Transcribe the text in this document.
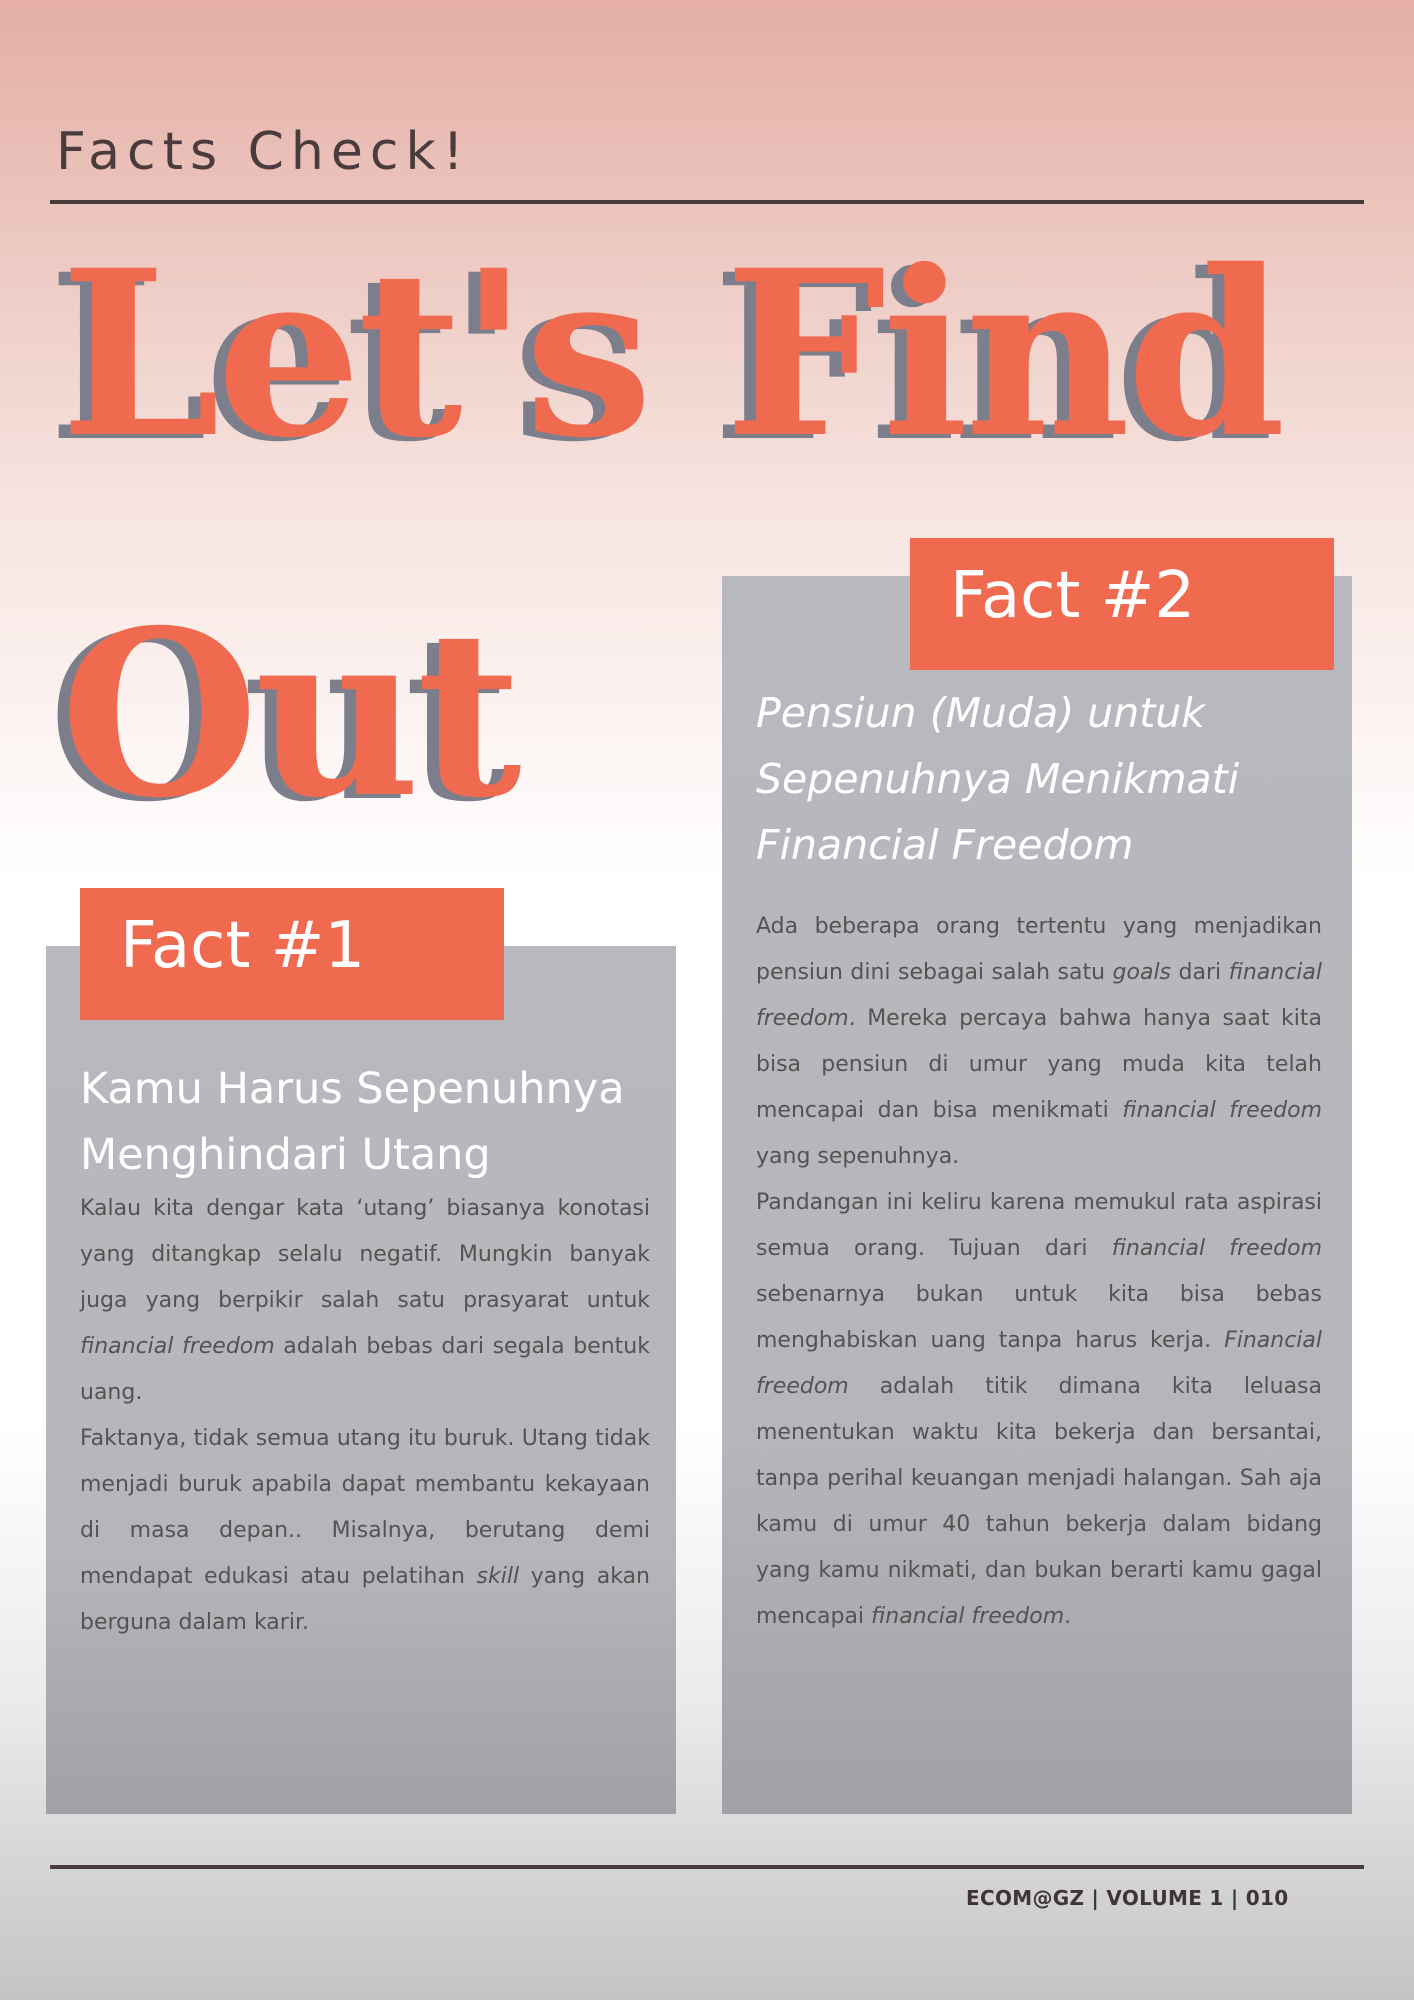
Facts Check!
Let's Find
Out
Kamu Harus Sepenuhnya Menghindari Utang

Kalau kita dengar kata ‘utang’ biasanya konotasi yang ditangkap selalu negatif. Mungkin banyak juga yang berpikir salah satu prasyarat untuk financial freedom adalah bebas dari segala bentuk uang.

Faktanya, tidak semua utang itu buruk. Utang tidak menjadi buruk apabila dapat membantu kekayaan di masa depan.. Misalnya, berutang demi mendapat edukasi atau pelatihan skill yang akan berguna dalam karir.

Fact #1
Pensiun (Muda) untuk Sepenuhnya Menikmati Financial Freedom

Ada beberapa orang tertentu yang menjadikan pensiun dini sebagai salah satu goals dari financial freedom. Mereka percaya bahwa hanya saat kita bisa pensiun di umur yang muda kita telah mencapai dan bisa menikmati financial freedom yang sepenuhnya.

Pandangan ini keliru karena memukul rata aspirasi semua orang. Tujuan dari financial freedom sebenarnya bukan untuk kita bisa bebas menghabiskan uang tanpa harus kerja. Financial freedom adalah titik dimana kita leluasa menentukan waktu kita bekerja dan bersantai, tanpa perihal keuangan menjadi halangan. Sah aja kamu di umur 40 tahun bekerja dalam bidang yang kamu nikmati, dan bukan berarti kamu gagal mencapai financial freedom.

Fact #2
ECOM@GZ | VOLUME 1 | 010
